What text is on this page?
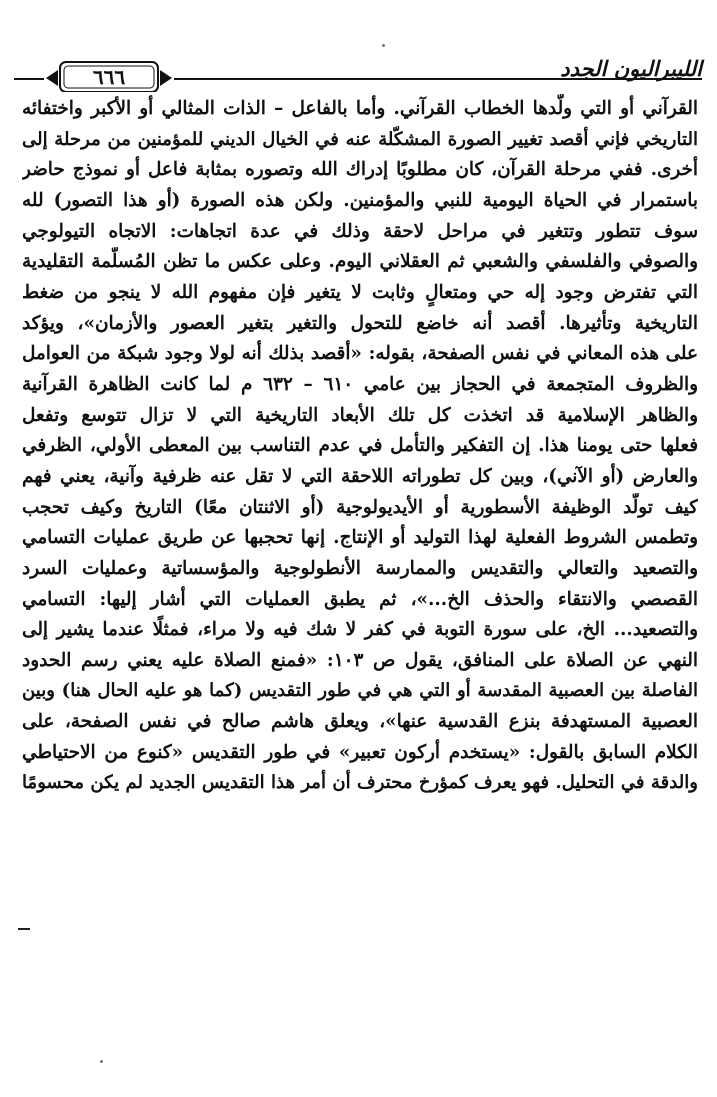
الليبراليون الجدد
٦٦٦
القرآني أو التي ولّدها الخطاب القرآني. وأما بالفاعل – الذات المثالي أو الأكبر واختفائه
التاريخي فإني أقصد تغيير الصورة المشكّلة عنه في الخيال الديني للمؤمنين من مرحلة إلى
أخرى. ففي مرحلة القرآن، كان مطلوبًا إدراك الله وتصوره بمثابة فاعل أو نموذج حاضر
باستمرار في الحياة اليومية للنبي والمؤمنين. ولكن هذه الصورة (أو هذا التصور) لله
سوف تتطور وتتغير في مراحل لاحقة وذلك في عدة اتجاهات: الاتجاه التيولوجي
والصوفي والفلسفي والشعبي ثم العقلاني اليوم. وعلى عكس ما تظن المُسلَّمة التقليدية
التي تفترض وجود إله حي ومتعالٍ وثابت لا يتغير فإن مفهوم الله لا ينجو من ضغط
التاريخية وتأثيرها. أقصد أنه خاضع للتحول والتغير بتغير العصور والأزمان»، ويؤكد
على هذه المعاني في نفس الصفحة، بقوله: «أقصد بذلك أنه لولا وجود شبكة من العوامل
والظروف المتجمعة في الحجاز بين عامي ٦١٠ – ٦٣٢ م لما كانت الظاهرة القرآنية
والظاهر الإسلامية قد اتخذت كل تلك الأبعاد التاريخية التي لا تزال تتوسع وتفعل
فعلها حتى يومنا هذا. إن التفكير والتأمل في عدم التناسب بين المعطى الأولي، الظرفي
والعارض (أو الآني)، وبين كل تطوراته اللاحقة التي لا تقل عنه ظرفية وآنية، يعني فهم
كيف تولّد الوظيفة الأسطورية أو الأيديولوجية (أو الاثنتان معًا) التاريخ وكيف تحجب
وتطمس الشروط الفعلية لهذا التوليد أو الإنتاج. إنها تحجبها عن طريق عمليات التسامي
والتصعيد والتعالي والتقديس والممارسة الأنطولوجية والمؤسساتية وعمليات السرد
القصصي والانتقاء والحذف الخ...»، ثم يطبق العمليات التي أشار إليها: التسامي
والتصعيد... الخ، على سورة التوبة في كفر لا شك فيه ولا مراء، فمثلًا عندما يشير إلى
النهي عن الصلاة على المنافق، يقول ص ١٠٣: «فمنع الصلاة عليه يعني رسم الحدود
الفاصلة بين العصبية المقدسة أو التي هي في طور التقديس (كما هو عليه الحال هنا) وبين
العصبية المستهدفة بنزع القدسية عنها»، ويعلق هاشم صالح في نفس الصفحة، على
الكلام السابق بالقول: «يستخدم أركون تعبير» في طور التقديس «كنوع من الاحتياطي
والدقة في التحليل. فهو يعرف كمؤرخ محترف أن أمر هذا التقديس الجديد لم يكن محسومًا
